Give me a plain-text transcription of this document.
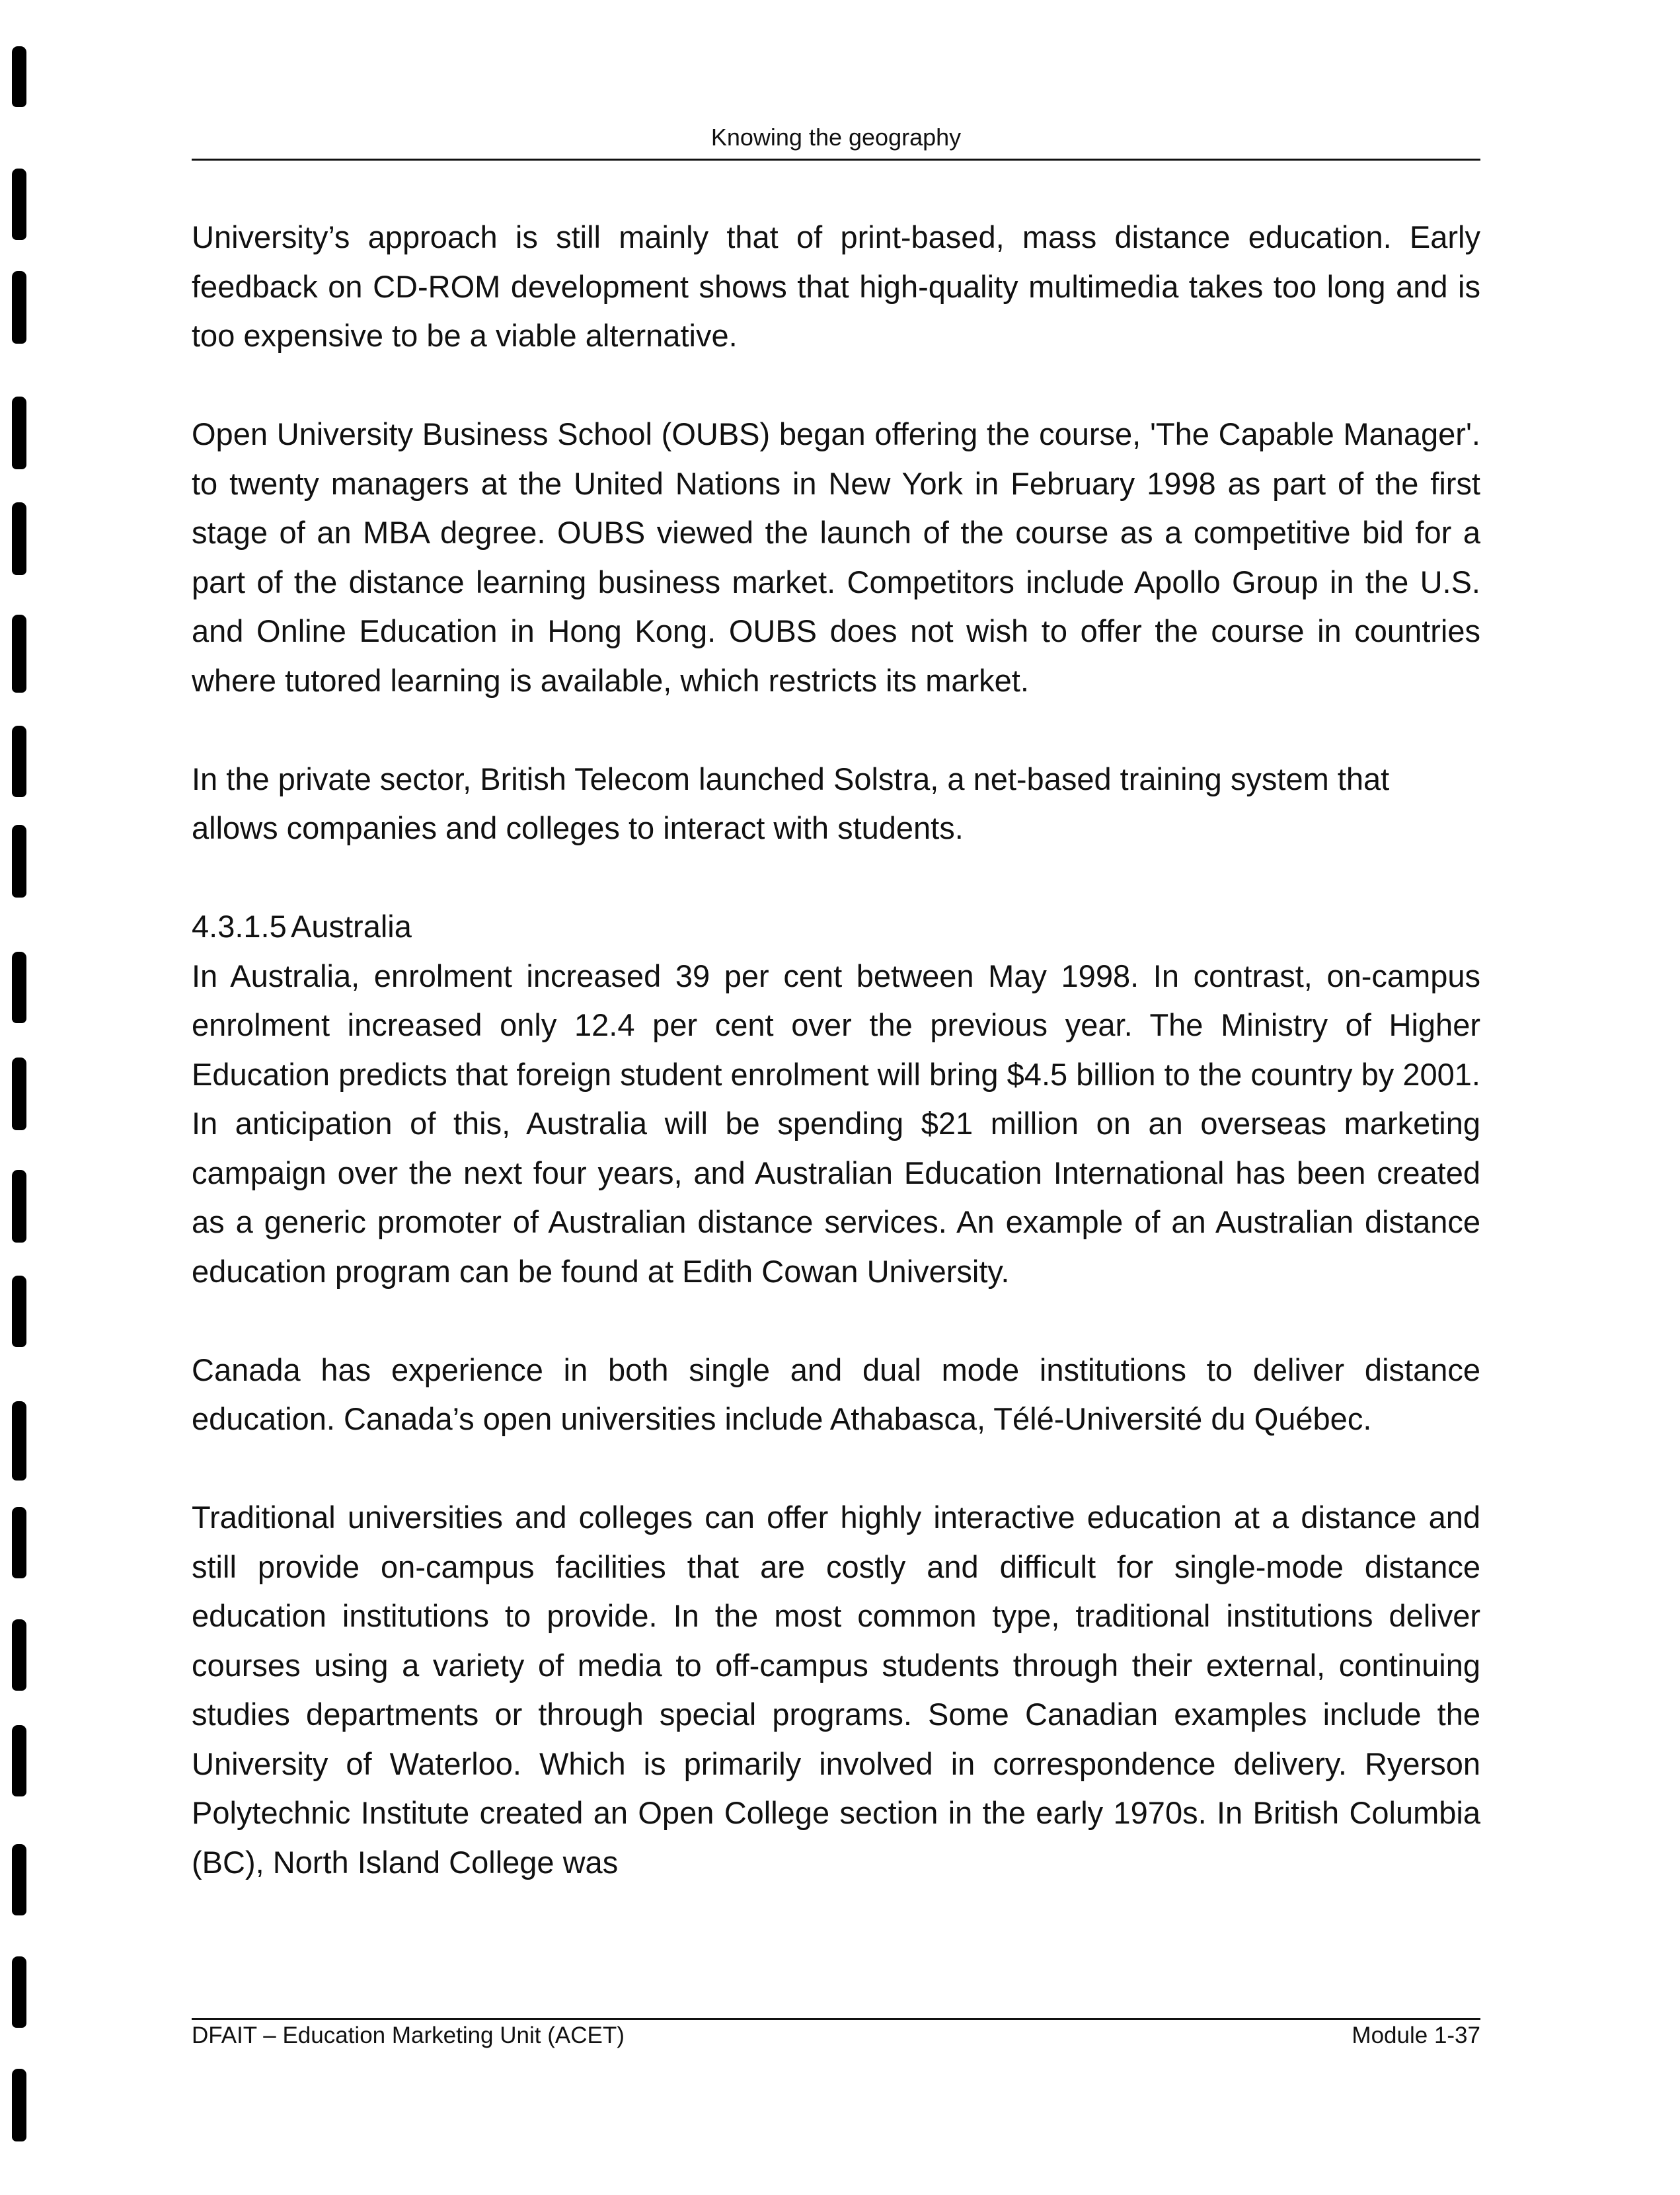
Knowing the geography

University’s approach is still mainly that of print-based, mass distance education. Early feedback on CD-ROM development shows that high-quality multimedia takes too long and is too expensive to be a viable alternative.

Open University Business School (OUBS) began offering the course, 'The Capable Manager'. to twenty managers at the United Nations in New York in February 1998 as part of the first stage of an MBA degree. OUBS viewed the launch of the course as a competitive bid for a part of the distance learning business market. Competitors include Apollo Group in the U.S. and Online Education in Hong Kong. OUBS does not wish to offer the course in countries where tutored learning is available, which restricts its market.

In the private sector, British Telecom launched Solstra, a net-based training system that allows companies and colleges to interact with students.

4.3.1.5 Australia

In Australia, enrolment increased 39 per cent between May 1998. In contrast, on-campus enrolment increased only 12.4 per cent over the previous year. The Ministry of Higher Education predicts that foreign student enrolment will bring $4.5 billion to the country by 2001. In anticipation of this, Australia will be spending $21 million on an overseas marketing campaign over the next four years, and Australian Education International has been created as a generic promoter of Australian distance services. An example of an Australian distance education program can be found at Edith Cowan University.

Canada has experience in both single and dual mode institutions to deliver distance education. Canada’s open universities include Athabasca, Télé-Université du Québec.

Traditional universities and colleges can offer highly interactive education at a distance and still provide on-campus facilities that are costly and difficult for single-mode distance education institutions to provide. In the most common type, traditional institutions deliver courses using a variety of media to off-campus students through their external, continuing studies departments or through special programs. Some Canadian examples include the University of Waterloo. Which is primarily involved in correspondence delivery. Ryerson Polytechnic Institute created an Open College section in the early 1970s. In British Columbia (BC), North Island College was

DFAIT – Education Marketing Unit (ACET)	Module 1-37
